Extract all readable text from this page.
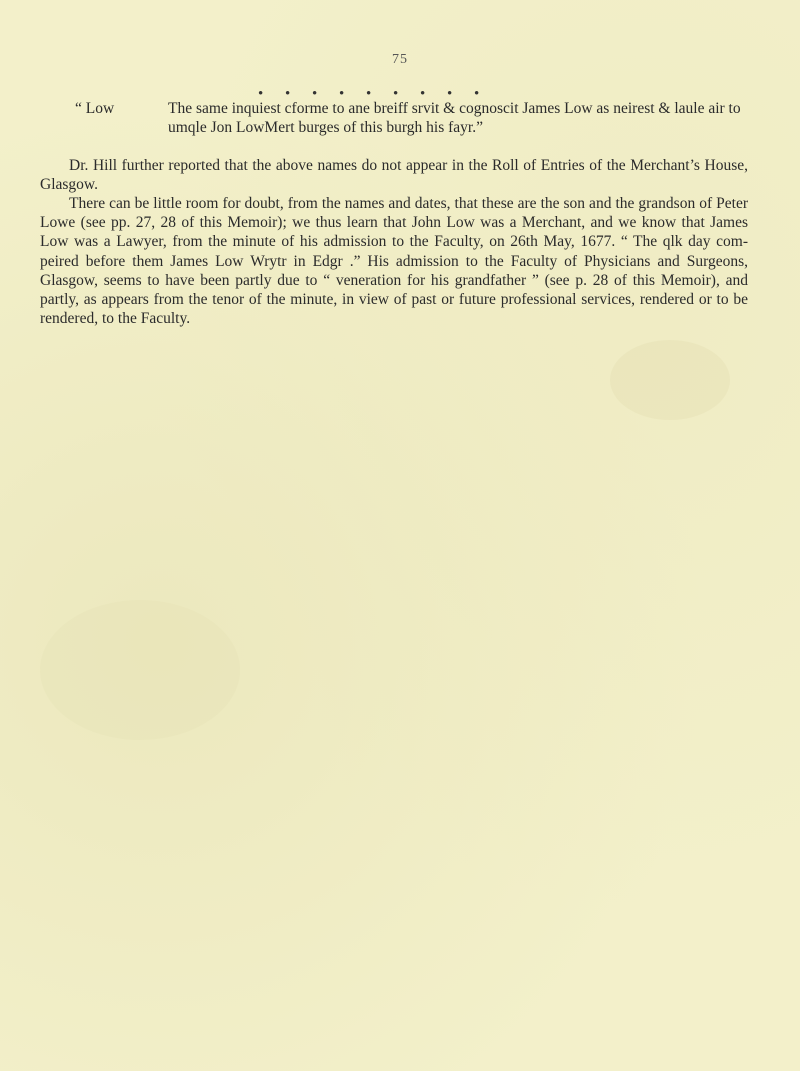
75
• • • • • • • • •
“ Low	The same inquiest cforme to ane breiff srvit & cognoscit James Low as neirest & laule air to umqle Jon LowMert burges of this burgh his fayr.”
Dr. Hill further reported that the above names do not appear in the Roll of Entries of the Merchant’s House, Glasgow.
There can be little room for doubt, from the names and dates, that these are the son and the grandson of Peter Lowe (see pp. 27, 28 of this Memoir); we thus learn that John Low was a Merchant, and we know that James Low was a Lawyer, from the minute of his admission to the Faculty, on 26th May, 1677. “ The qlk day com-peired before them James Low Wrytr in Edgr .” His admission to the Faculty of Physicians and Surgeons, Glasgow, seems to have been partly due to “ veneration for his grandfather ” (see p. 28 of this Memoir), and partly, as appears from the tenor of the minute, in view of past or future professional services, rendered or to be rendered, to the Faculty.
